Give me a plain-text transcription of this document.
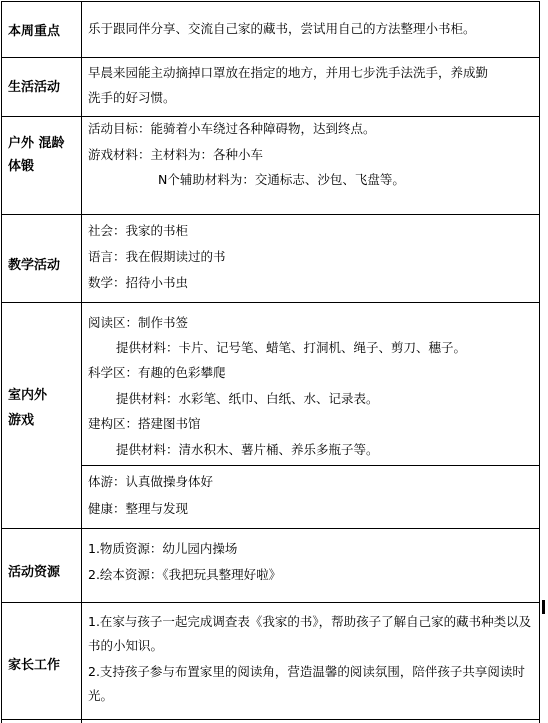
本周重点	乐于跟同伴分享、交流自己家的藏书，尝试用自己的方法整理小书柜。
生活活动
早晨来园能主动摘掉口罩放在指定的地方，并用七步洗手法洗手，养成勤
洗手的好习惯。
户外 混龄
体锻
活动目标：能骑着小车绕过各种障碍物，达到终点。
游戏材料：主材料为：各种小车
N个辅助材料为：交通标志、沙包、飞盘等。
教学活动
社会：我家的书柜
语言：我在假期读过的书
数学：招待小书虫
室内外
游戏
阅读区：制作书签
提供材料：卡片、记号笔、蜡笔、打洞机、绳子、剪刀、穗子。
科学区：有趣的色彩攀爬
提供材料：水彩笔、纸巾、白纸、水、记录表。
建构区：搭建图书馆
提供材料：清水积木、薯片桶、养乐多瓶子等。
体游：认真做操身体好
健康：整理与发现
活动资源
1.物质资源：幼儿园内操场
2.绘本资源：《我把玩具整理好啦》
家长工作
1.在家与孩子一起完成调查表《我家的书》，帮助孩子了解自己家的藏书种类以及书的小知识。
2.支持孩子参与布置家里的阅读角，营造温馨的阅读氛围，陪伴孩子共享阅读时光。
